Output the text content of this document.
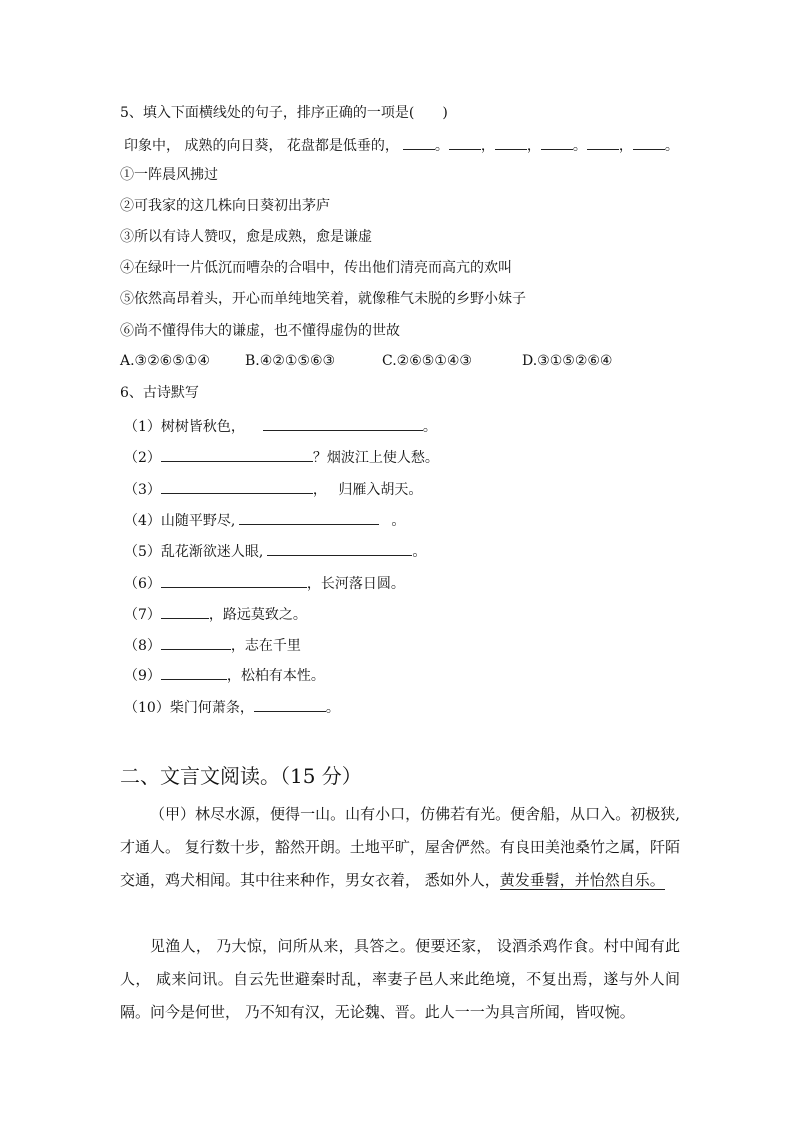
5、填入下面横线处的句子，排序正确的一项是(　　)
印象中， 成熟的向日葵， 花盘都是低垂的，	。 ， ， 。 ， 。
①一阵晨风拂过
②可我家的这几株向日葵初出茅庐
③所以有诗人赞叹，愈是成熟，愈是谦虚
④在绿叶一片低沉而嘈杂的合唱中，传出他们清亮而高亢的欢叫
⑤依然高昂着头，开心而单纯地笑着，就像稚气未脱的乡野小妹子
⑥尚不懂得伟大的谦虚，也不懂得虚伪的世故
A.③②⑥⑤①④	B.④②①⑤⑥③	C.②⑥⑤①④③	D.③①⑤②⑥④
6、古诗默写
（1）树树皆秋色，	。
（2）	？烟波江上使人愁。
（3）	，　 归雁入胡天。
（4）山随平野尽,	。
（5）乱花渐欲迷人眼,	。
（6）	，长河落日圆。
（7）	，路远莫致之。
（8）	，志在千里
（9）	，松柏有本性。
（10）柴门何萧条，	。
二、文言文阅读。（15 分）
（甲）林尽水源，便得一山。山有小口，仿佛若有光。便舍船，从口入。初极狭,才通人。 复行数十步，豁然开朗。土地平旷，屋舍俨然。有良田美池桑竹之属，阡陌交通，鸡犬相闻。其中往来种作，男女衣着， 悉如外人，黄发垂髫，并怡然自乐。
见渔人， 乃大惊，问所从来，具答之。便要还家， 设酒杀鸡作食。村中闻有此人， 咸来问讯。自云先世避秦时乱，率妻子邑人来此绝境，不复出焉，遂与外人间隔。问今是何世， 乃不知有汉，无论魏、晋。此人一一为具言所闻，皆叹惋。
